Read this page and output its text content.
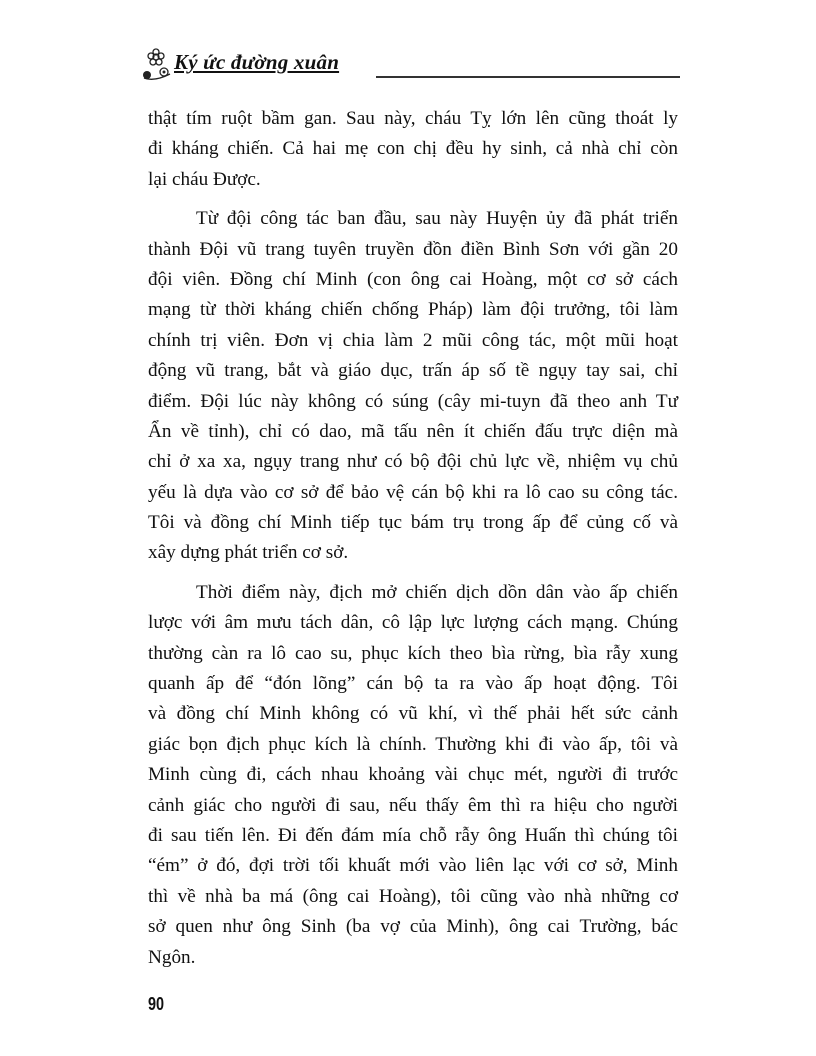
Ký ức đường xuân
thật tím ruột bầm gan. Sau này, cháu Tỵ lớn lên cũng thoát ly
đi kháng chiến. Cả hai mẹ con chị đều hy sinh, cả nhà chỉ còn
lại cháu Được.
Từ đội công tác ban đầu, sau này Huyện ủy đã phát triển
thành Đội vũ trang tuyên truyền đồn điền Bình Sơn với gần 20
đội viên. Đồng chí Minh (con ông cai Hoàng, một cơ sở cách
mạng từ thời kháng chiến chống Pháp) làm đội trưởng, tôi làm
chính trị viên. Đơn vị chia làm 2 mũi công tác, một mũi hoạt
động vũ trang, bắt và giáo dục, trấn áp số tề ngụy tay sai, chỉ
điểm. Đội lúc này không có súng (cây mi-tuyn đã theo anh Tư
Ẩn về tỉnh), chỉ có dao, mã tấu nên ít chiến đấu trực diện mà
chỉ ở xa xa, ngụy trang như có bộ đội chủ lực về, nhiệm vụ chủ
yếu là dựa vào cơ sở để bảo vệ cán bộ khi ra lô cao su công tác.
Tôi và đồng chí Minh tiếp tục bám trụ trong ấp để củng cố và
xây dựng phát triển cơ sở.
Thời điểm này, địch mở chiến dịch dồn dân vào ấp chiến
lược với âm mưu tách dân, cô lập lực lượng cách mạng. Chúng
thường càn ra lô cao su, phục kích theo bìa rừng, bìa rẫy xung
quanh ấp để “đón lõng” cán bộ ta ra vào ấp hoạt động. Tôi
và đồng chí Minh không có vũ khí, vì thế phải hết sức cảnh
giác bọn địch phục kích là chính. Thường khi đi vào ấp, tôi và
Minh cùng đi, cách nhau khoảng vài chục mét, người đi trước
cảnh giác cho người đi sau, nếu thấy êm thì ra hiệu cho người
đi sau tiến lên. Đi đến đám mía chỗ rẫy ông Huấn thì chúng tôi
“ém” ở đó, đợi trời tối khuất mới vào liên lạc với cơ sở, Minh
thì về nhà ba má (ông cai Hoàng), tôi cũng vào nhà những cơ
sở quen như ông Sinh (ba vợ của Minh), ông cai Trường, bác
Ngôn.
90
